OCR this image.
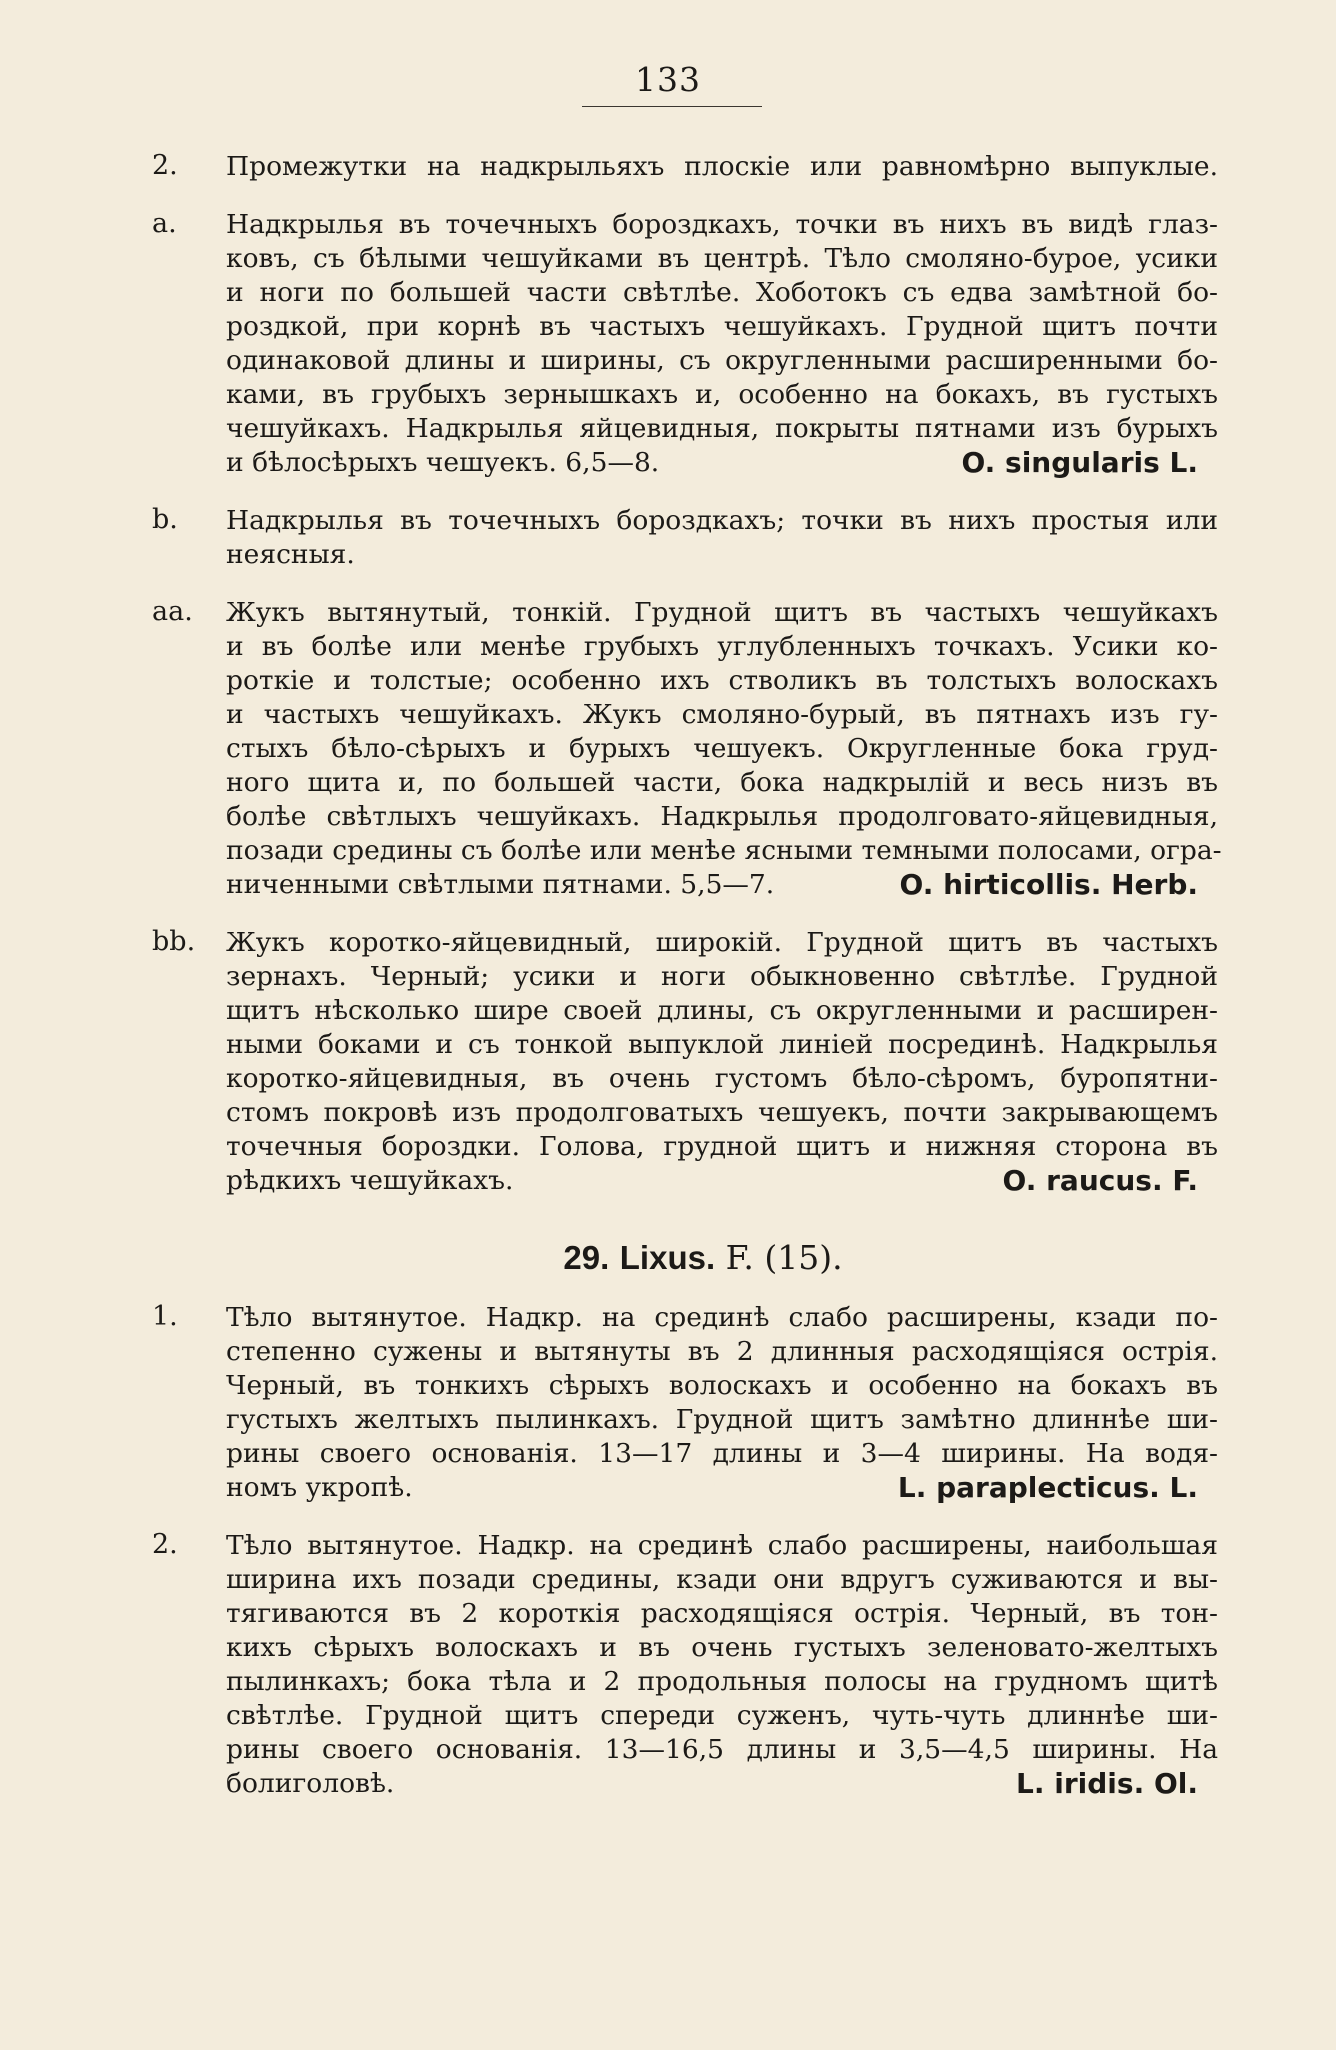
133
2. Промежутки на надкрыльяхъ плоскіе или равномѣрно выпуклые.
a. Надкрылья въ точечныхъ бороздкахъ, точки въ нихъ въ видѣ глаз-
ковъ, съ бѣлыми чешуйками въ центрѣ. Тѣло смоляно-бурое, усики
и ноги по большей части свѣтлѣе. Хоботокъ съ едва замѣтной бо-
роздкой, при корнѣ въ частыхъ чешуйкахъ. Грудной щитъ почти
одинаковой длины и ширины, съ округленными расширенными бо-
ками, въ грубыхъ зернышкахъ и, особенно на бокахъ, въ густыхъ
чешуйкахъ. Надкрылья яйцевидныя, покрыты пятнами изъ бурыхъ
и бѣлосѣрыхъ чешуекъ. 6,5—8.	O. singularis L.
b. Надкрылья въ точечныхъ бороздкахъ; точки въ нихъ простыя или
неясныя.
aa. Жукъ вытянутый, тонкій. Грудной щитъ въ частыхъ чешуйкахъ
и въ болѣе или менѣе грубыхъ углубленныхъ точкахъ. Усики ко-
роткіе и толстые; особенно ихъ стволикъ въ толстыхъ волоскахъ
и частыхъ чешуйкахъ. Жукъ смоляно-бурый, въ пятнахъ изъ гу-
стыхъ бѣло-сѣрыхъ и бурыхъ чешуекъ. Округленные бока груд-
ного щита и, по большей части, бока надкрылій и весь низъ въ
болѣе свѣтлыхъ чешуйкахъ. Надкрылья продолговато-яйцевидныя,
позади средины съ болѣе или менѣе ясными темными полосами, огра-
ниченными свѣтлыми пятнами. 5,5—7.	O. hirticollis. Herb.
bb. Жукъ коротко-яйцевидный, широкій. Грудной щитъ въ частыхъ
зернахъ. Черный; усики и ноги обыкновенно свѣтлѣе. Грудной
щитъ нѣсколько шире своей длины, съ округленными и расширен-
ными боками и съ тонкой выпуклой линіей посрединѣ. Надкрылья
коротко-яйцевидныя, въ очень густомъ бѣло-сѣромъ, буропятни-
стомъ покровѣ изъ продолговатыхъ чешуекъ, почти закрывающемъ
точечныя бороздки. Голова, грудной щитъ и нижняя сторона въ
рѣдкихъ чешуйкахъ.	O. raucus. F.
29. Lixus. F. (15).
1. Тѣло вытянутое. Надкр. на срединѣ слабо расширены, кзади по-
степенно сужены и вытянуты въ 2 длинныя расходящіяся острія.
Черный, въ тонкихъ сѣрыхъ волоскахъ и особенно на бокахъ въ
густыхъ желтыхъ пылинкахъ. Грудной щитъ замѣтно длиннѣе ши-
рины своего основанія. 13—17 длины и 3—4 ширины. На водя-
номъ укропѣ.	L. paraplecticus. L.
2. Тѣло вытянутое. Надкр. на срединѣ слабо расширены, наибольшая
ширина ихъ позади средины, кзади они вдругъ суживаются и вы-
тягиваются въ 2 короткія расходящіяся острія. Черный, въ тон-
кихъ сѣрыхъ волоскахъ и въ очень густыхъ зеленовато-желтыхъ
пылинкахъ; бока тѣла и 2 продольныя полосы на грудномъ щитѣ
свѣтлѣе. Грудной щитъ спереди суженъ, чуть-чуть длиннѣе ши-
рины своего основанія. 13—16,5 длины и 3,5—4,5 ширины. На
болиголовѣ.	L. iridis. Ol.
